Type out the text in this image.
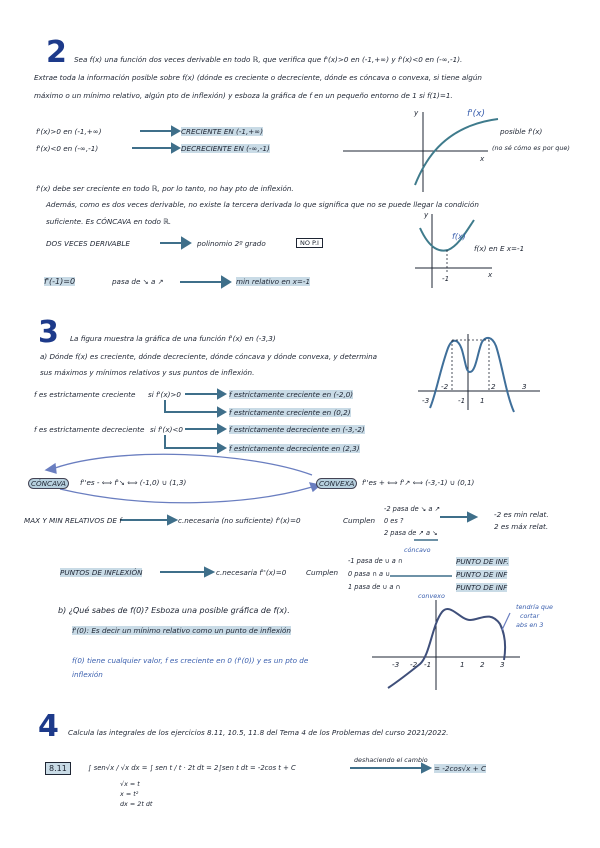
2 Sea f(x) una función dos veces derivable en todo ℝ, que verifica que f'(x)>0 en (-1,+∞) y f'(x)<0 en (-∞,-1).
Extrae toda la información posible sobre f(x) (dónde es creciente o decreciente, dónde es cóncava o convexa, si tiene algún
máximo o un mínimo relativo, algún pto de inflexión) y esboza la gráfica de f en un pequeño entorno de 1 si f(1)=1.
f'(x)>0 en (-1,+∞)	CRECIENTE EN (-1,+∞)
f'(x)<0 en (-∞,-1)	DECRECIENTE EN (-∞,-1)
f'(x)
y
x
posible f'(x)
(no sé cómo es por que)
f'(x) debe ser creciente en todo ℝ, por lo tanto, no hay pto de inflexión.
Además, como es dos veces derivable, no existe la tercera derivada lo que significa que no se puede llegar la condición
suficiente. Es CÓNCAVA en todo ℝ.
DOS VECES DERIVABLE	polinomio 2º grado	NO P.I
f(x)
f(x) en E x=-1
y
x
-1
f'(-1)=0	pasa de ↘ a ↗	min relativo en x=-1
3 La figura muestra la gráfica de una función f'(x) en (-3,3)
a) Dónde f(x) es creciente, dónde decreciente, dónde cóncava y dónde convexa, y determina
sus máximos y mínimos relativos y sus puntos de inflexión.
f es estrictamente creciente si f'(x)>0	f estrictamente creciente en (-2,0)
f estrictamente creciente en (0,2)
f es estrictamente decreciente si f'(x)<0	f estrictamente decreciente en (-3,-2)
f estrictamente decreciente en (2,3)
-3
-2
-1 1
2	3
CÓNCAVA	f''es - ⟺ f'↘ ⟺ (-1,0) ∪ (1,3)	CONVEXA	f''es + ⟺ f'↗ ⟺ (-3,-1) ∪ (0,1)
MAX Y MIN RELATIVOS DE f	c.necesaria (no suficiente) f'(x)=0	Cumplen
-2 pasa de ↘ a ↗
0 es ?
2 pasa de ↗ a ↘
-2 es min relat.
2 es máx relat.
cóncavo
PUNTOS DE INFLEXIÓN	c.necesaria f''(x)=0	Cumplen
-1 pasa de ∪ a ∩
0 pasa ∩ a ∪
1 pasa de ∪ a ∩
PUNTO DE INF.
PUNTO DE INF
PUNTO DE INF
convexo
b) ¿Qué sabes de f(0)? Esboza una posible gráfica de f(x).
f'(0): Es decir un mínimo relativo como un punto de inflexión
f(0) tiene cualquier valor, f es creciente en 0 (f'(0)) y es un pto de
inflexión
tendría que
cortar
abs en 3
-3 -2 -1	1 2 3
4 Calcula las integrales de los ejercicios 8.11, 10.5, 11.8 del Tema 4 de los Problemas del curso 2021/2022.
8.11	∫ sen√x / √x dx = ∫ sen t / t · 2t dt = 2∫sen t dt = -2cos t + C
deshaciendo el cambio
= -2cos√x + C
√x = t
x = t²
dx = 2t dt
